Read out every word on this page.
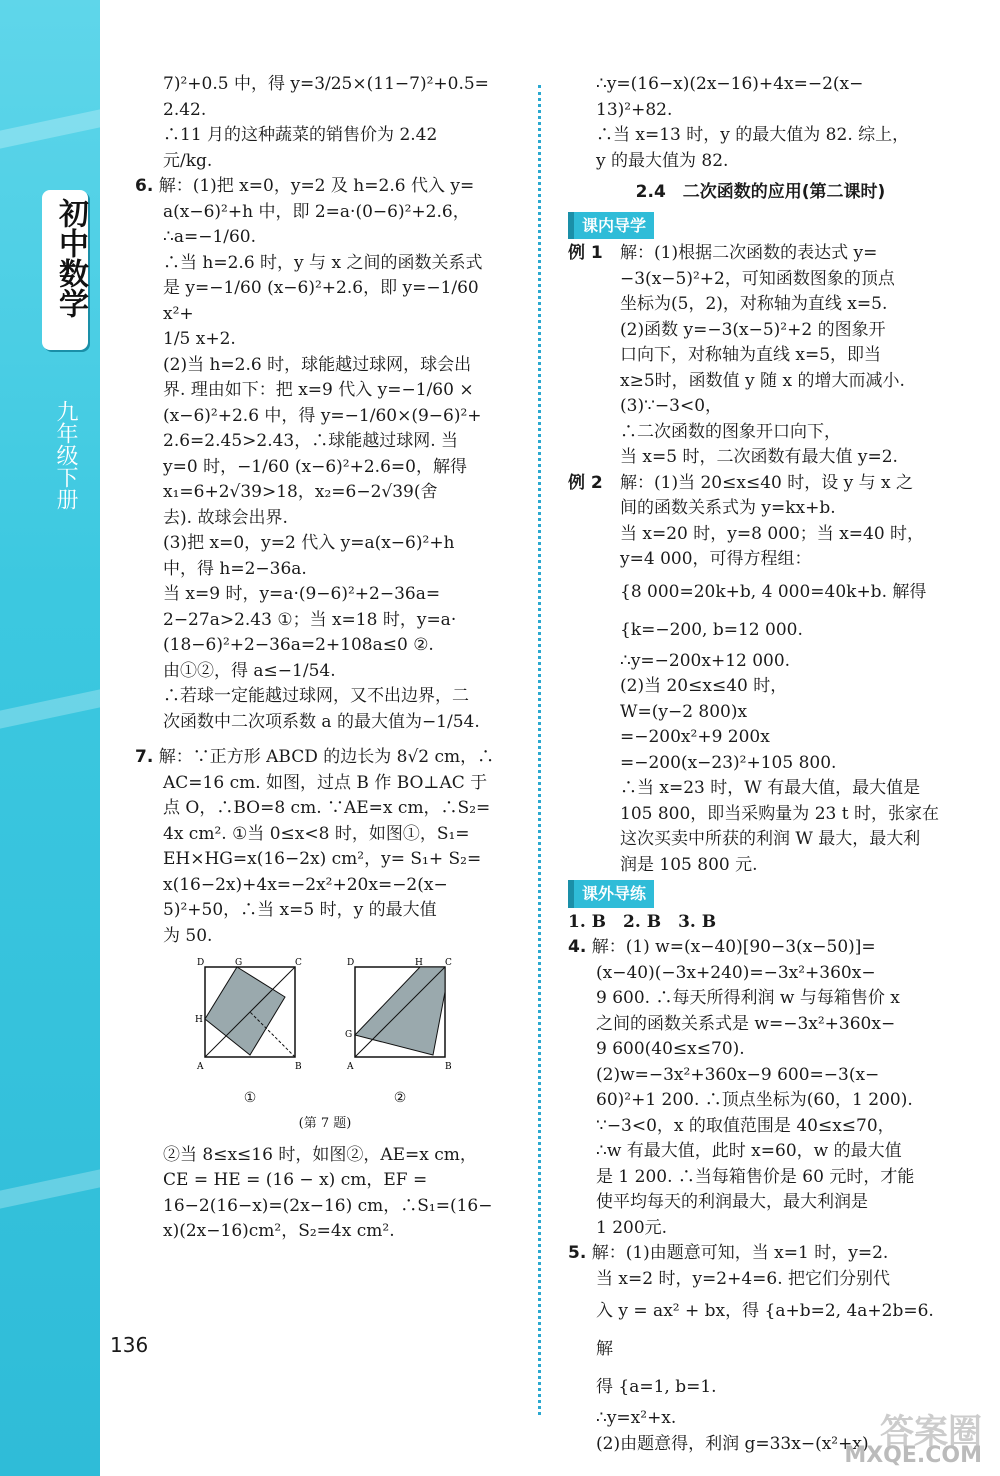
初中数学
九年级下册
136

7)²+0.5 中，得 y=3/25×(11−7)²+0.5=

2.42.

∴11 月的这种蔬菜的销售价为 2.42

元/kg.

6. 解：(1)把 x=0，y=2 及 h=2.6 代入 y=

a(x−6)²+h 中，即 2=a·(0−6)²+2.6，

∴a=−1/60.

∴当 h=2.6 时，y 与 x 之间的函数关系式

是 y=−1/60 (x−6)²+2.6，即 y=−1/60 x²+

1/5 x+2.

(2)当 h=2.6 时，球能越过球网，球会出

界. 理由如下：把 x=9 代入 y=−1/60 ×

(x−6)²+2.6 中，得 y=−1/60×(9−6)²+

2.6=2.45>2.43，∴球能越过球网. 当

y=0 时，−1/60 (x−6)²+2.6=0，解得

x₁=6+2√39>18，x₂=6−2√39(舍

去). 故球会出界.

(3)把 x=0，y=2 代入 y=a(x−6)²+h

中，得 h=2−36a.

当 x=9 时，y=a·(9−6)²+2−36a=

2−27a>2.43 ①；当 x=18 时，y=a·

(18−6)²+2−36a=2+108a≤0 ②.

由①②，得 a≤−1/54.

∴若球一定能越过球网，又不出边界，二

次函数中二次项系数 a 的最大值为−1/54.

7. 解：∵正方形 ABCD 的边长为 8√2 cm，∴

AC=16 cm. 如图，过点 B 作 BO⊥AC 于

点 O，∴BO=8 cm. ∵AE=x cm，∴S₂=

4x cm². ①当 0≤x<8 时，如图①，S₁=

EH×HG=x(16−2x) cm²，y= S₁+ S₂=

x(16−2x)+4x=−2x²+20x=−2(x−

5)²+50，∴当 x=5 时，y 的最大值

为 50.

D	G	C
H
A	B
①
D	H C
G
A	B
②
(第 7 题)

②当 8≤x≤16 时，如图②，AE=x cm，

CE = HE = (16 − x) cm，EF =

16−2(16−x)=(2x−16) cm，∴S₁=(16−

x)(2x−16)cm²，S₂=4x cm².

∴y=(16−x)(2x−16)+4x=−2(x−

13)²+82.

∴当 x=13 时，y 的最大值为 82. 综上，

y 的最大值为 82.

2.4　二次函数的应用(第二课时)
课内导学

例 1 解：(1)根据二次函数的表达式 y=

−3(x−5)²+2，可知函数图象的顶点

坐标为(5，2)，对称轴为直线 x=5.

(2)函数 y=−3(x−5)²+2 的图象开

口向下，对称轴为直线 x=5，即当

x≥5时，函数值 y 随 x 的增大而减小.

(3)∵−3<0，

∴二次函数的图象开口向下，

当 x=5 时，二次函数有最大值 y=2.

例 2 解：(1)当 20≤x≤40 时，设 y 与 x 之

间的函数关系式为 y=kx+b.

当 x=20 时，y=8 000；当 x=40 时，

y=4 000，可得方程组：

{8 000=20k+b, 4 000=40k+b. 解得 {k=−200, b=12 000.

∴y=−200x+12 000.

(2)当 20≤x≤40 时，

W=(y−2 800)x

=−200x²+9 200x

=−200(x−23)²+105 800.

∴当 x=23 时，W 有最大值，最大值是

105 800，即当采购量为 23 t 时，张家在

这次买卖中所获的利润 W 最大，最大利

润是 105 800 元.

课外导练

1. B　2. B　3. B

4. 解：(1) w=(x−40)[90−3(x−50)]=

(x−40)(−3x+240)=−3x²+360x−

9 600. ∴每天所得利润 w 与每箱售价 x

之间的函数关系式是 w=−3x²+360x−

9 600(40≤x≤70).

(2)w=−3x²+360x−9 600=−3(x−

60)²+1 200. ∴顶点坐标为(60，1 200).

∵−3<0，x 的取值范围是 40≤x≤70，

∴w 有最大值，此时 x=60，w 的最大值

是 1 200. ∴当每箱售价是 60 元时，才能

使平均每天的利润最大，最大利润是

1 200元.

5. 解：(1)由题意可知，当 x=1 时，y=2.

当 x=2 时，y=2+4=6. 把它们分别代

入 y = ax² + bx，得 {a+b=2, 4a+2b=6. 解

得 {a=1, b=1.

∴y=x²+x.

(2)由题意得，利润 g=33x−(x²+x) 答案圈
MXQE.COM
